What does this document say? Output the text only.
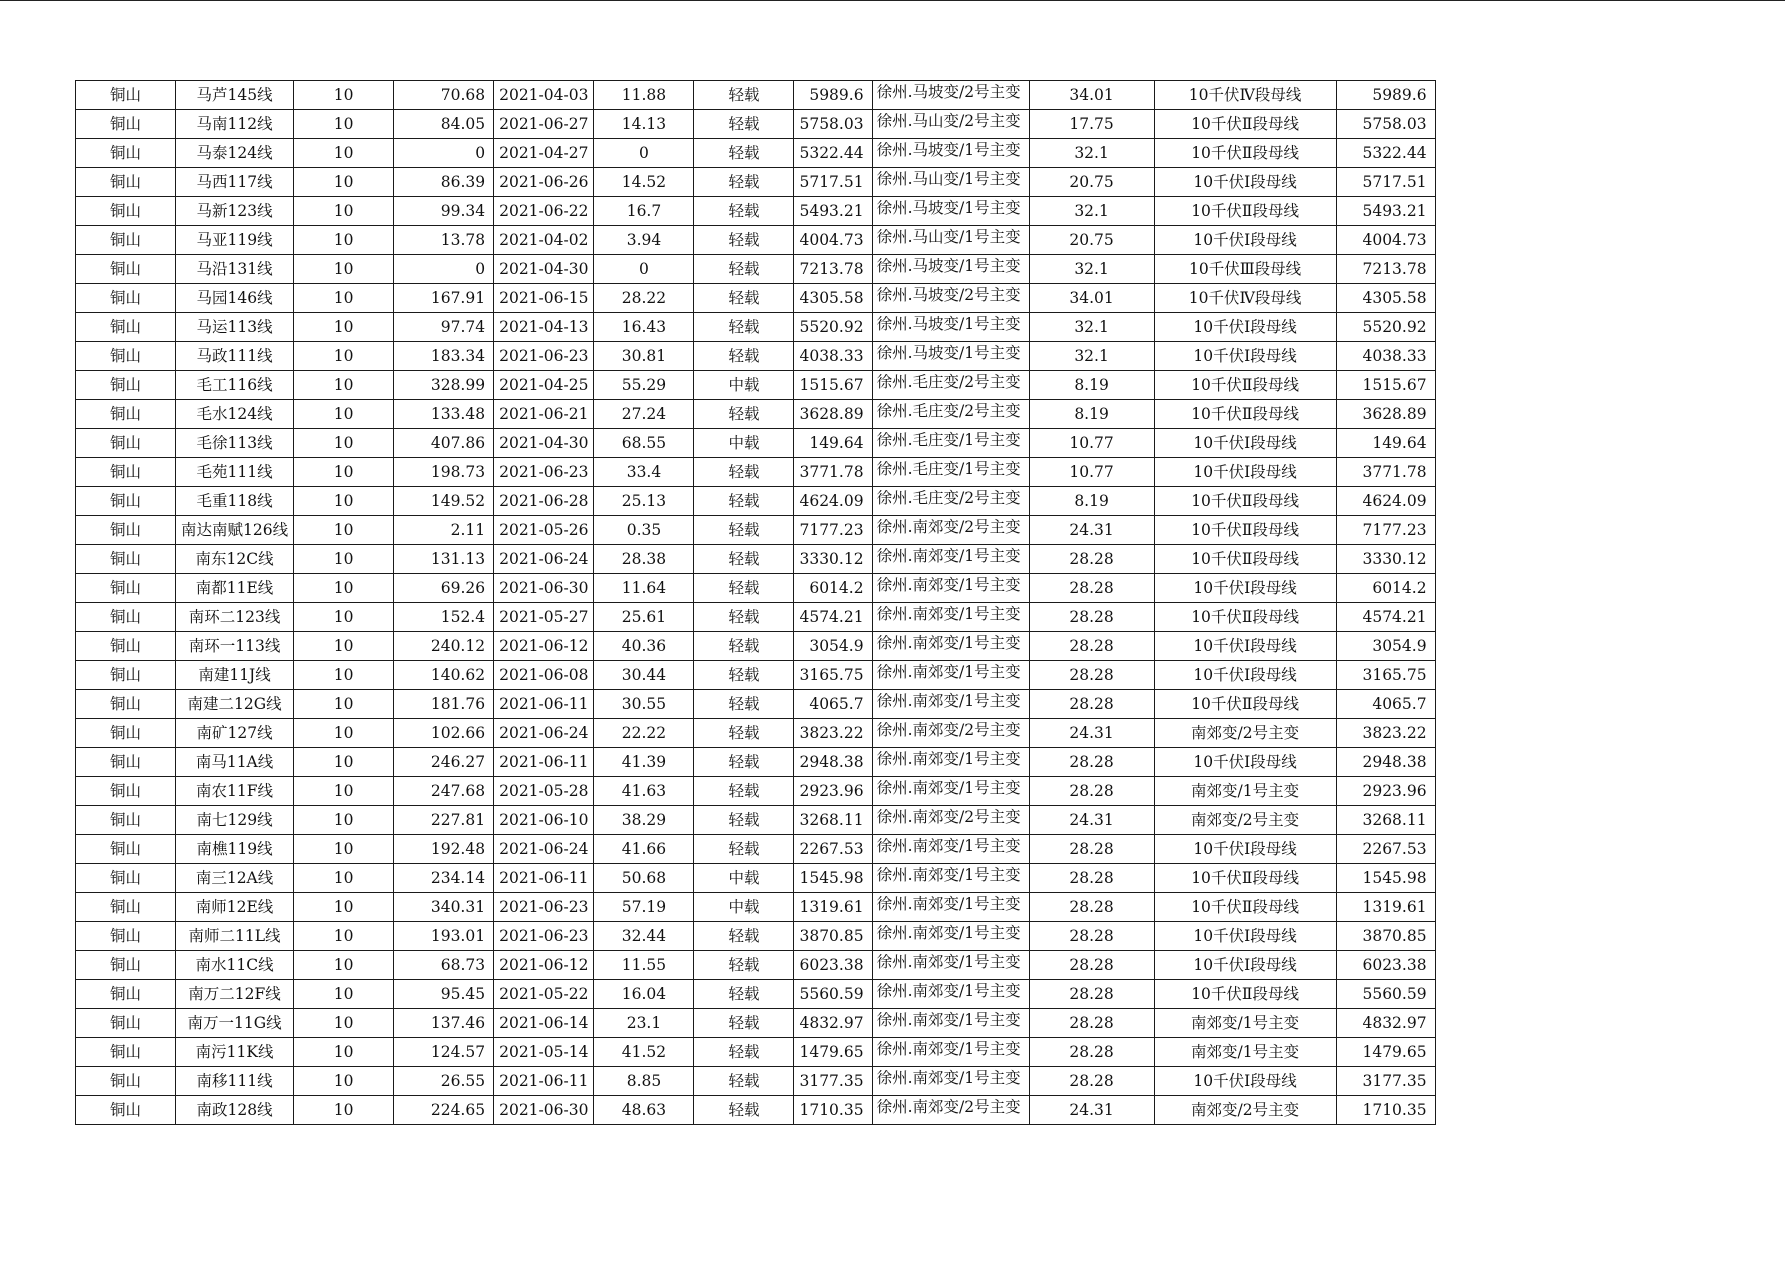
铜山	马芦145线	10	70.68	2021-04-03	11.88	轻载	5989.6	徐州.马坡变/2号主变	34.01	10千伏Ⅳ段母线	5989.6
铜山	马南112线	10	84.05	2021-06-27	14.13	轻载	5758.03	徐州.马山变/2号主变	17.75	10千伏Ⅱ段母线	5758.03
铜山	马泰124线	10	0	2021-04-27	0	轻载	5322.44	徐州.马坡变/1号主变	32.1	10千伏Ⅱ段母线	5322.44
铜山	马西117线	10	86.39	2021-06-26	14.52	轻载	5717.51	徐州.马山变/1号主变	20.75	10千伏Ⅰ段母线	5717.51
铜山	马新123线	10	99.34	2021-06-22	16.7	轻载	5493.21	徐州.马坡变/1号主变	32.1	10千伏Ⅱ段母线	5493.21
铜山	马亚119线	10	13.78	2021-04-02	3.94	轻载	4004.73	徐州.马山变/1号主变	20.75	10千伏Ⅰ段母线	4004.73
铜山	马沿131线	10	0	2021-04-30	0	轻载	7213.78	徐州.马坡变/1号主变	32.1	10千伏Ⅲ段母线	7213.78
铜山	马园146线	10	167.91	2021-06-15	28.22	轻载	4305.58	徐州.马坡变/2号主变	34.01	10千伏Ⅳ段母线	4305.58
铜山	马运113线	10	97.74	2021-04-13	16.43	轻载	5520.92	徐州.马坡变/1号主变	32.1	10千伏Ⅰ段母线	5520.92
铜山	马政111线	10	183.34	2021-06-23	30.81	轻载	4038.33	徐州.马坡变/1号主变	32.1	10千伏Ⅰ段母线	4038.33
铜山	毛工116线	10	328.99	2021-04-25	55.29	中载	1515.67	徐州.毛庄变/2号主变	8.19	10千伏Ⅱ段母线	1515.67
铜山	毛水124线	10	133.48	2021-06-21	27.24	轻载	3628.89	徐州.毛庄变/2号主变	8.19	10千伏Ⅱ段母线	3628.89
铜山	毛徐113线	10	407.86	2021-04-30	68.55	中载	149.64	徐州.毛庄变/1号主变	10.77	10千伏Ⅰ段母线	149.64
铜山	毛苑111线	10	198.73	2021-06-23	33.4	轻载	3771.78	徐州.毛庄变/1号主变	10.77	10千伏Ⅰ段母线	3771.78
铜山	毛重118线	10	149.52	2021-06-28	25.13	轻载	4624.09	徐州.毛庄变/2号主变	8.19	10千伏Ⅱ段母线	4624.09
铜山	南达南赋126线	10	2.11	2021-05-26	0.35	轻载	7177.23	徐州.南郊变/2号主变	24.31	10千伏Ⅱ段母线	7177.23
铜山	南东12C线	10	131.13	2021-06-24	28.38	轻载	3330.12	徐州.南郊变/1号主变	28.28	10千伏Ⅱ段母线	3330.12
铜山	南都11E线	10	69.26	2021-06-30	11.64	轻载	6014.2	徐州.南郊变/1号主变	28.28	10千伏Ⅰ段母线	6014.2
铜山	南环二123线	10	152.4	2021-05-27	25.61	轻载	4574.21	徐州.南郊变/1号主变	28.28	10千伏Ⅱ段母线	4574.21
铜山	南环一113线	10	240.12	2021-06-12	40.36	轻载	3054.9	徐州.南郊变/1号主变	28.28	10千伏Ⅰ段母线	3054.9
铜山	南建11J线	10	140.62	2021-06-08	30.44	轻载	3165.75	徐州.南郊变/1号主变	28.28	10千伏Ⅰ段母线	3165.75
铜山	南建二12G线	10	181.76	2021-06-11	30.55	轻载	4065.7	徐州.南郊变/1号主变	28.28	10千伏Ⅱ段母线	4065.7
铜山	南矿127线	10	102.66	2021-06-24	22.22	轻载	3823.22	徐州.南郊变/2号主变	24.31	南郊变/2号主变	3823.22
铜山	南马11A线	10	246.27	2021-06-11	41.39	轻载	2948.38	徐州.南郊变/1号主变	28.28	10千伏Ⅰ段母线	2948.38
铜山	南农11F线	10	247.68	2021-05-28	41.63	轻载	2923.96	徐州.南郊变/1号主变	28.28	南郊变/1号主变	2923.96
铜山	南七129线	10	227.81	2021-06-10	38.29	轻载	3268.11	徐州.南郊变/2号主变	24.31	南郊变/2号主变	3268.11
铜山	南樵119线	10	192.48	2021-06-24	41.66	轻载	2267.53	徐州.南郊变/1号主变	28.28	10千伏Ⅰ段母线	2267.53
铜山	南三12A线	10	234.14	2021-06-11	50.68	中载	1545.98	徐州.南郊变/1号主变	28.28	10千伏Ⅱ段母线	1545.98
铜山	南师12E线	10	340.31	2021-06-23	57.19	中载	1319.61	徐州.南郊变/1号主变	28.28	10千伏Ⅱ段母线	1319.61
铜山	南师二11L线	10	193.01	2021-06-23	32.44	轻载	3870.85	徐州.南郊变/1号主变	28.28	10千伏Ⅰ段母线	3870.85
铜山	南水11C线	10	68.73	2021-06-12	11.55	轻载	6023.38	徐州.南郊变/1号主变	28.28	10千伏Ⅰ段母线	6023.38
铜山	南万二12F线	10	95.45	2021-05-22	16.04	轻载	5560.59	徐州.南郊变/1号主变	28.28	10千伏Ⅱ段母线	5560.59
铜山	南万一11G线	10	137.46	2021-06-14	23.1	轻载	4832.97	徐州.南郊变/1号主变	28.28	南郊变/1号主变	4832.97
铜山	南污11K线	10	124.57	2021-05-14	41.52	轻载	1479.65	徐州.南郊变/1号主变	28.28	南郊变/1号主变	1479.65
铜山	南移111线	10	26.55	2021-06-11	8.85	轻载	3177.35	徐州.南郊变/1号主变	28.28	10千伏Ⅰ段母线	3177.35
铜山	南政128线	10	224.65	2021-06-30	48.63	轻载	1710.35	徐州.南郊变/2号主变	24.31	南郊变/2号主变	1710.35
